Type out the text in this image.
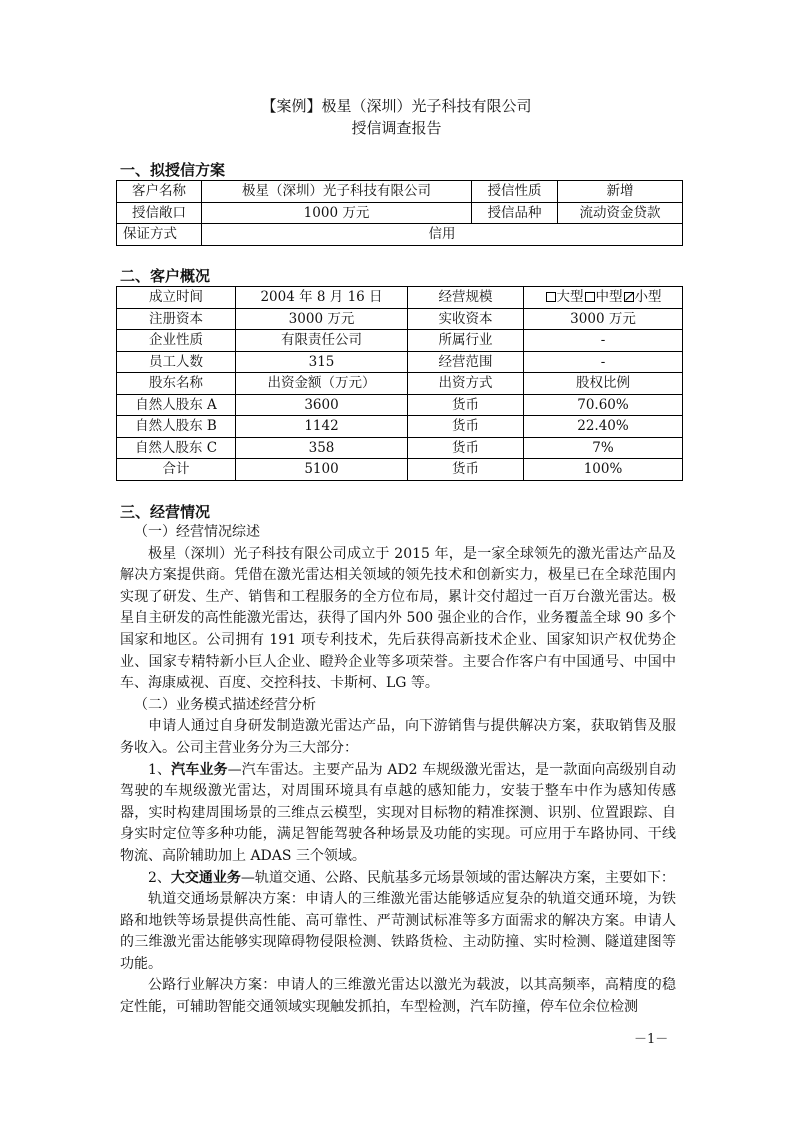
【案例】极星（深圳）光子科技有限公司
授信调查报告
一、拟授信方案
客户名称	极星（深圳）光子科技有限公司	授信性质	新增
授信敞口	1000 万元	授信品种	流动资金贷款
保证方式	信用		
二、客户概况
成立时间	2004 年 8 月 16 日	经营规模	大型 中型 小型
注册资本	3000 万元	实收资本	3000 万元
企业性质	有限责任公司	所属行业	-
员工人数	315	经营范围	-
股东名称	出资金额（万元）	出资方式	股权比例
自然人股东 A	3600	货币	70.60%
自然人股东 B	1142	货币	22.40%
自然人股东 C	358	货币	7%
合计	5100	货币	100%
三、经营情况

（一）经营情况综述

极星（深圳）光子科技有限公司成立于 2015 年，是一家全球领先的激光雷达产品及解决方案提供商。凭借在激光雷达相关领域的领先技术和创新实力，极星已在全球范围内实现了研发、生产、销售和工程服务的全方位布局，累计交付超过一百万台激光雷达。极星自主研发的高性能激光雷达，获得了国内外 500 强企业的合作，业务覆盖全球 90 多个国家和地区。公司拥有 191 项专利技术，先后获得高新技术企业、国家知识产权优势企业、国家专精特新小巨人企业、瞪羚企业等多项荣誉。主要合作客户有中国通号、中国中车、海康威视、百度、交控科技、卡斯柯、LG 等。

（二）业务模式描述经营分析

申请人通过自身研发制造激光雷达产品，向下游销售与提供解决方案，获取销售及服务收入。公司主营业务分为三大部分：

1、汽车业务—汽车雷达。主要产品为 AD2 车规级激光雷达，是一款面向高级别自动驾驶的车规级激光雷达，对周围环境具有卓越的感知能力，安装于整车中作为感知传感器，实时构建周围场景的三维点云模型，实现对目标物的精准探测、识别、位置跟踪、自身实时定位等多种功能，满足智能驾驶各种场景及功能的实现。可应用于车路协同、干线物流、高阶辅助加上 ADAS 三个领域。

2、大交通业务—轨道交通、公路、民航基多元场景领域的雷达解决方案，主要如下：

轨道交通场景解决方案：申请人的三维激光雷达能够适应复杂的轨道交通环境，为铁路和地铁等场景提供高性能、高可靠性、严苛测试标准等多方面需求的解决方案。申请人的三维激光雷达能够实现障碍物侵限检测、铁路货检、主动防撞、实时检测、隧道建图等功能。

公路行业解决方案：申请人的三维激光雷达以激光为载波，以其高频率，高精度的稳定性能，可辅助智能交通领域实现触发抓拍，车型检测，汽车防撞，停车位余位检测

－1－
